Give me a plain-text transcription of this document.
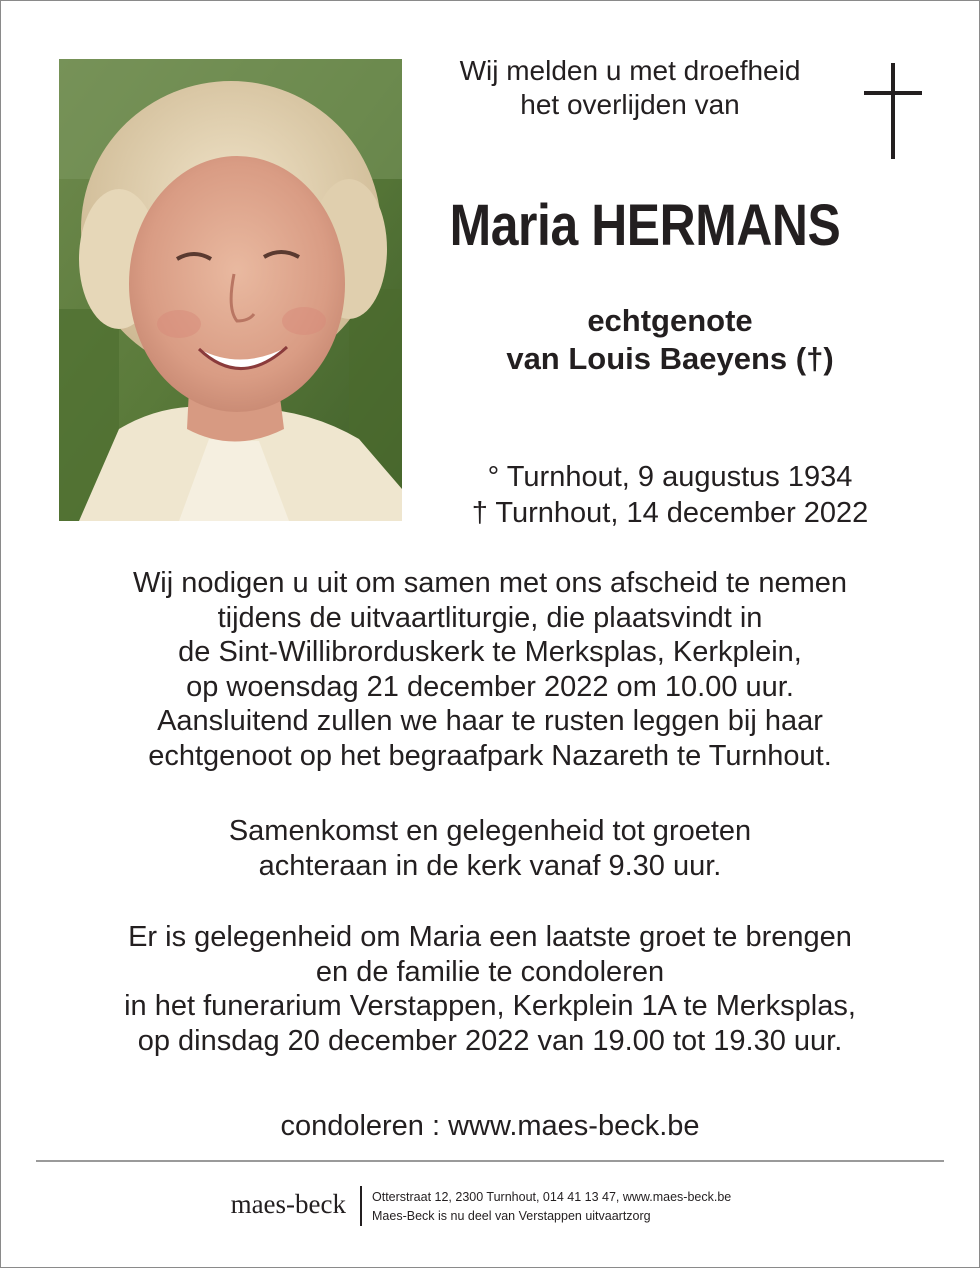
Wij melden u met droefheid
het overlijden van
Maria HERMANS
echtgenote
van Louis Baeyens (†)
° Turnhout, 9 augustus 1934
† Turnhout, 14 december 2022
Wij nodigen u uit om samen met ons afscheid te nemen
tijdens de uitvaartliturgie, die plaatsvindt in
de Sint-Willibrorduskerk te Merksplas, Kerkplein,
op woensdag 21 december 2022 om 10.00 uur.
Aansluitend zullen we haar te rusten leggen bij haar
echtgenoot op het begraafpark Nazareth te Turnhout.
Samenkomst en gelegenheid tot groeten
achteraan in de kerk vanaf 9.30 uur.
Er is gelegenheid om Maria een laatste groet te brengen
en de familie te condoleren
in het funerarium Verstappen, Kerkplein 1A te Merksplas,
op dinsdag 20 december 2022 van 19.00 tot 19.30 uur.
condoleren : www.maes-beck.be
maes-beck Otterstraat 12, 2300 Turnhout, 014 41 13 47, www.maes-beck.be
Maes-Beck is nu deel van Verstappen uitvaartzorg
